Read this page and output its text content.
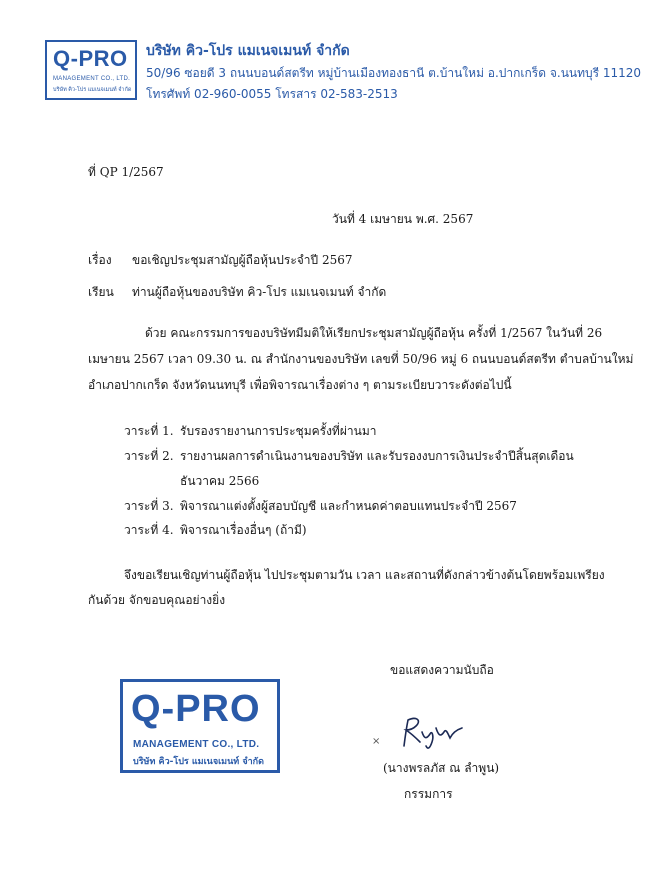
Q-PRO
MANAGEMENT CO., LTD.
บริษัท คิว-โปร แมเนจเมนท์ จำกัด
บริษัท คิว-โปร แมเนจเมนท์ จำกัด
50/96 ซอยดี 3 ถนนบอนด์สตรีท หมู่บ้านเมืองทองธานี ต.บ้านใหม่ อ.ปากเกร็ด จ.นนทบุรี 11120
โทรศัพท์ 02-960-0055 โทรสาร 02-583-2513
ที่ QP 1/2567
วันที่ 4 เมษายน พ.ศ. 2567
เรื่อง ขอเชิญประชุมสามัญผู้ถือหุ้นประจำปี 2567
เรียน ท่านผู้ถือหุ้นของบริษัท คิว-โปร แมเนจเมนท์ จำกัด
ด้วย คณะกรรมการของบริษัทมีมติให้เรียกประชุมสามัญผู้ถือหุ้น ครั้งที่ 1/2567 ในวันที่ 26
เมษายน 2567 เวลา 09.30 น. ณ สำนักงานของบริษัท เลขที่ 50/96 หมู่ 6 ถนนบอนด์สตรีท ตำบลบ้านใหม่
อำเภอปากเกร็ด จังหวัดนนทบุรี เพื่อพิจารณาเรื่องต่าง ๆ ตามระเบียบวาระดังต่อไปนี้
วาระที่ 1. รับรองรายงานการประชุมครั้งที่ผ่านมา
วาระที่ 2. รายงานผลการดำเนินงานของบริษัท และรับรองงบการเงินประจำปีสิ้นสุดเดือน
ธันวาคม 2566
วาระที่ 3. พิจารณาแต่งตั้งผู้สอบบัญชี และกำหนดค่าตอบแทนประจำปี 2567
วาระที่ 4. พิจารณาเรื่องอื่นๆ (ถ้ามี)
จึงขอเรียนเชิญท่านผู้ถือหุ้น ไปประชุมตามวัน เวลา และสถานที่ดังกล่าวข้างต้นโดยพร้อมเพรียง
กันด้วย จักขอบคุณอย่างยิ่ง
ขอแสดงความนับถือ
Q-PRO
MANAGEMENT CO., LTD.
บริษัท คิว-โปร แมเนจเมนท์ จำกัด
×
(นางพรลภัส ณ ลำพูน)
กรรมการ
